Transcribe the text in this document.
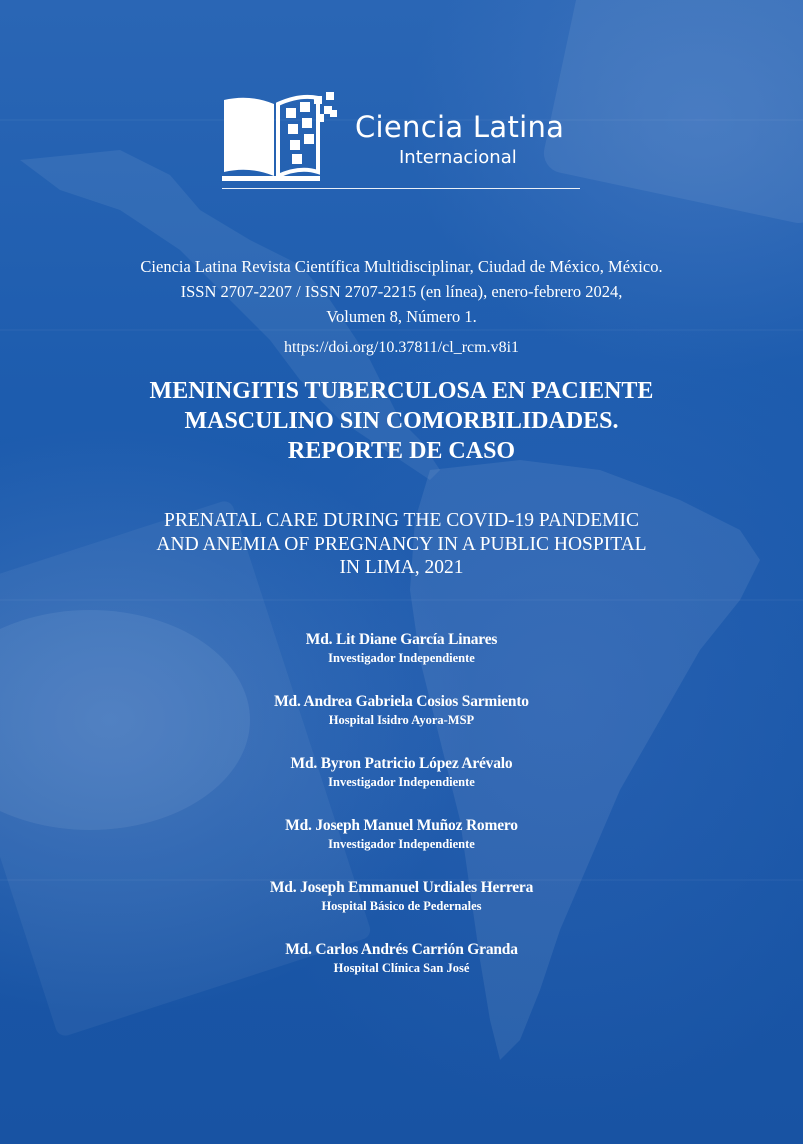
Ciencia Latina
Internacional
Ciencia Latina Revista Científica Multidisciplinar, Ciudad de México, México.
ISSN 2707-2207 / ISSN 2707-2215 (en línea), enero-febrero 2024,
Volumen 8, Número 1.
https://doi.org/10.37811/cl_rcm.v8i1
MENINGITIS TUBERCULOSA EN PACIENTE
MASCULINO SIN COMORBILIDADES.
REPORTE DE CASO
PRENATAL CARE DURING THE COVID-19 PANDEMIC
AND ANEMIA OF PREGNANCY IN A PUBLIC HOSPITAL
IN LIMA, 2021
Md. Lit Diane García Linares
Investigador Independiente
Md. Andrea Gabriela Cosios Sarmiento
Hospital Isidro Ayora-MSP
Md. Byron Patricio López Arévalo
Investigador Independiente
Md. Joseph Manuel Muñoz Romero
Investigador Independiente
Md. Joseph Emmanuel Urdiales Herrera
Hospital Básico de Pedernales
Md. Carlos Andrés Carrión Granda
Hospital Clínica San José
